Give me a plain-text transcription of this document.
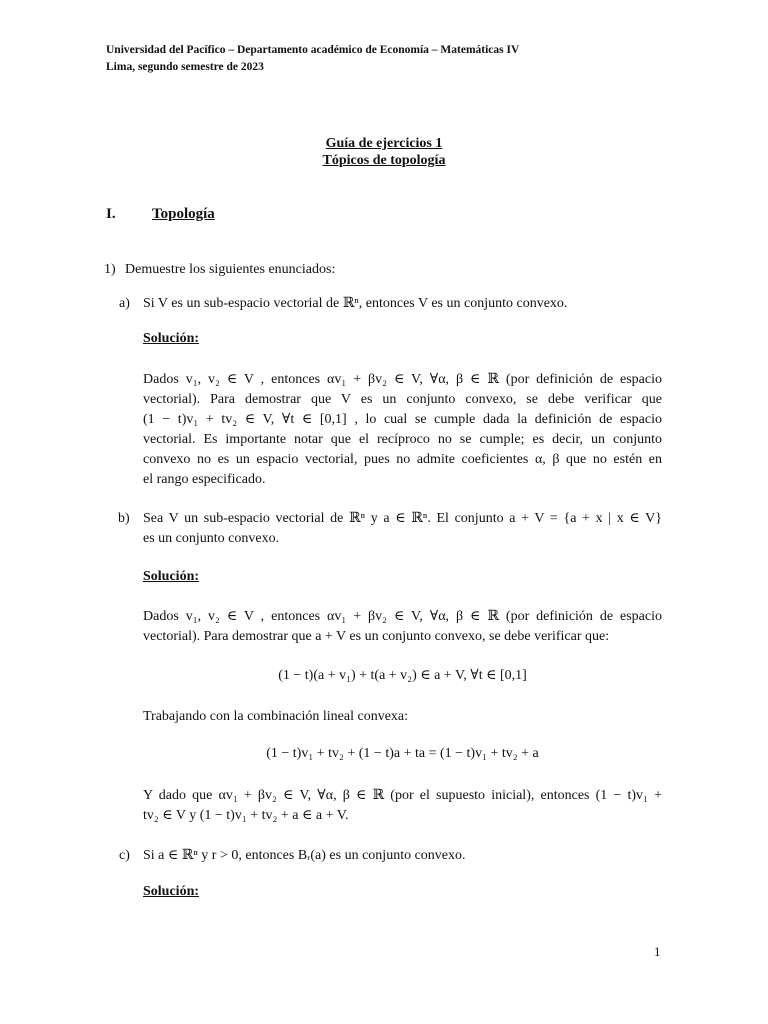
Universidad del Pacífico – Departamento académico de Economía – Matemáticas IV
Lima, segundo semestre de 2023
Guía de ejercicios 1
Tópicos de topología
I. Topología
1) Demuestre los siguientes enunciados:
a) Si V es un sub-espacio vectorial de ℝⁿ, entonces V es un conjunto convexo.
Solución:
Dados v₁, v₂ ∈ V , entonces αv₁ + βv₂ ∈ V, ∀α, β ∈ ℝ (por definición de espacio
vectorial). Para demostrar que V es un conjunto convexo, se debe verificar que
(1 − t)v₁ + tv₂ ∈ V, ∀t ∈ [0,1] , lo cual se cumple dada la definición de espacio
vectorial. Es importante notar que el recíproco no se cumple; es decir, un conjunto
convexo no es un espacio vectorial, pues no admite coeficientes α, β que no estén en
el rango especificado.
b) Sea V un sub-espacio vectorial de ℝⁿ y a ∈ ℝⁿ. El conjunto a + V = {a + x | x ∈ V}
es un conjunto convexo.
Solución:
Dados v₁, v₂ ∈ V , entonces αv₁ + βv₂ ∈ V, ∀α, β ∈ ℝ (por definición de espacio
vectorial). Para demostrar que a + V es un conjunto convexo, se debe verificar que:
(1 − t)(a + v₁) + t(a + v₂) ∈ a + V, ∀t ∈ [0,1]
Trabajando con la combinación lineal convexa:
(1 − t)v₁ + tv₂ + (1 − t)a + ta = (1 − t)v₁ + tv₂ + a
Y dado que αv₁ + βv₂ ∈ V, ∀α, β ∈ ℝ (por el supuesto inicial), entonces (1 − t)v₁ +
tv₂ ∈ V y (1 − t)v₁ + tv₂ + a ∈ a + V.
c) Si a ∈ ℝⁿ y r > 0, entonces Bᵣ(a) es un conjunto convexo.
Solución:
1
